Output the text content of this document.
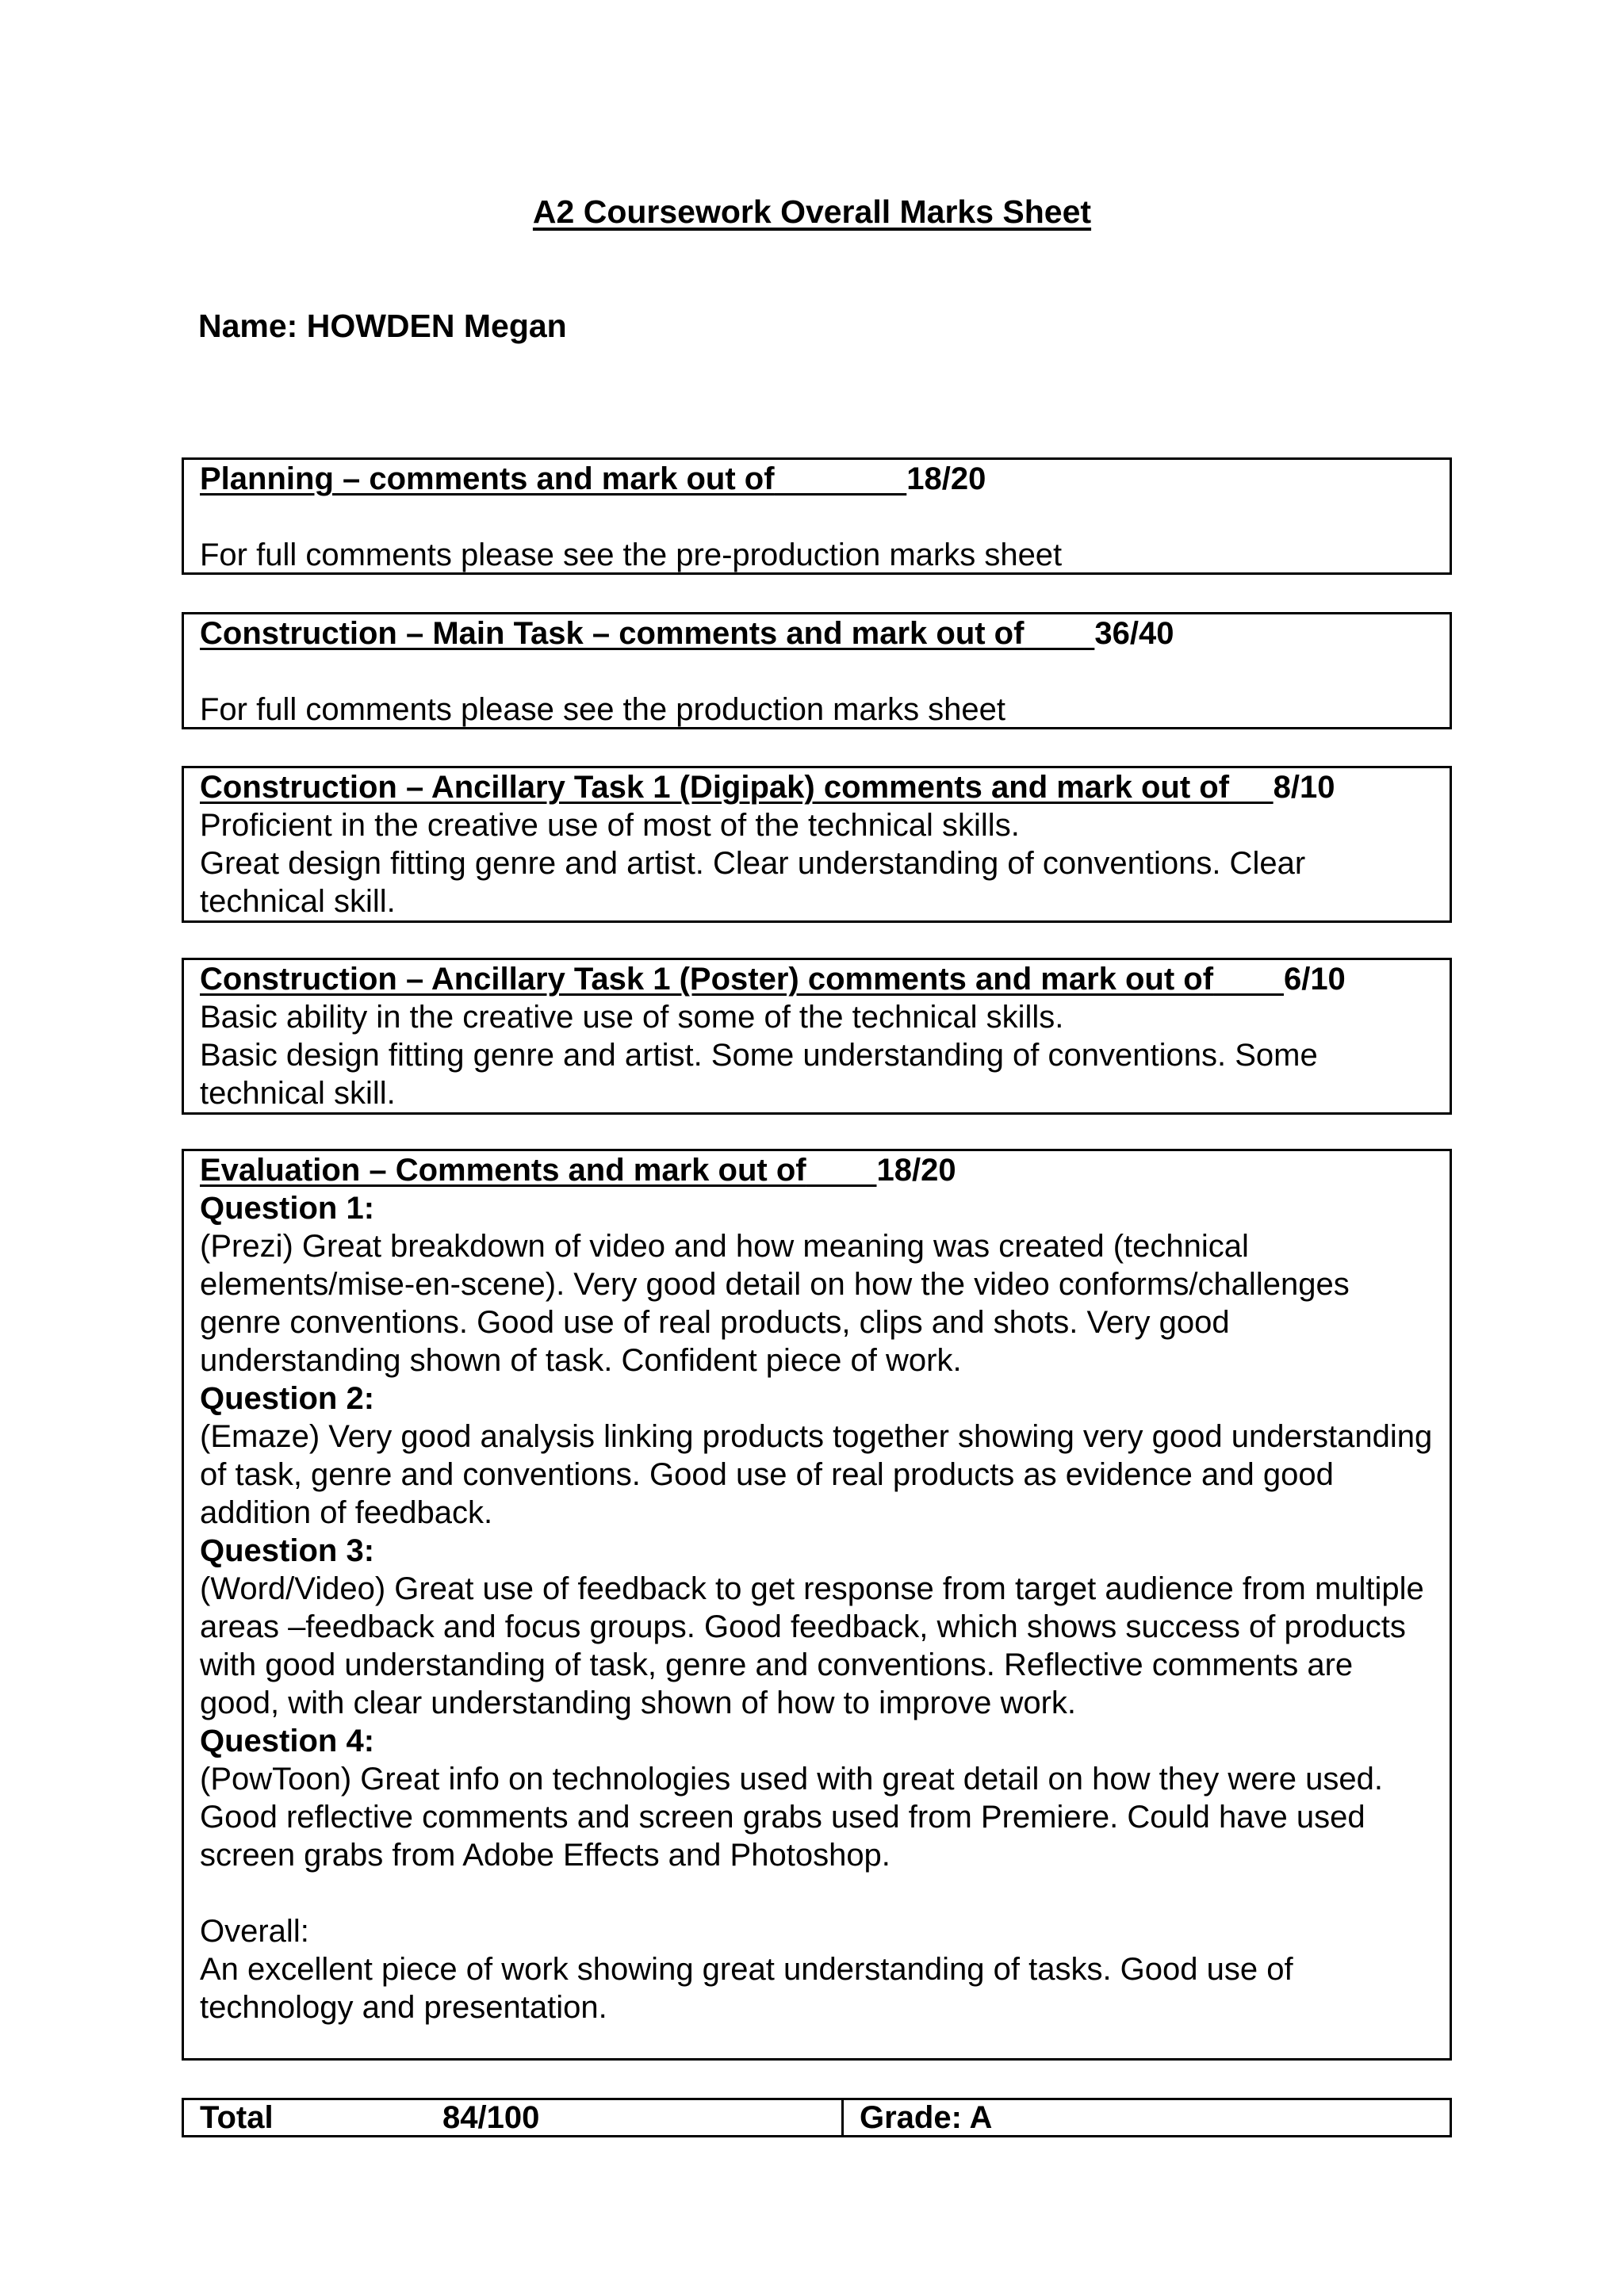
A2 Coursework Overall Marks Sheet
Name: HOWDEN Megan
Planning – comments and mark out of	18/20

For full comments please see the pre-production marks sheet

Construction – Main Task – comments and mark out of 36/40

For full comments please see the production marks sheet

Construction – Ancillary Task 1 (Digipak) comments and mark out of 8/10

Proficient in the creative use of most of the technical skills.

Great design fitting genre and artist. Clear understanding of conventions. Clear technical skill.

Construction – Ancillary Task 1 (Poster) comments and mark out of 6/10

Basic ability in the creative use of some of the technical skills.

Basic design fitting genre and artist. Some understanding of conventions. Some technical skill.

Evaluation – Comments and mark out of 18/20

Question 1:

(Prezi) Great breakdown of video and how meaning was created (technical elements/mise-en-scene). Very good detail on how the video conforms/challenges genre conventions. Good use of real products, clips and shots. Very good understanding shown of task. Confident piece of work.

Question 2:

(Emaze) Very good analysis linking products together showing very good understanding of task, genre and conventions. Good use of real products as evidence and good addition of feedback.

Question 3:

(Word/Video) Great use of feedback to get response from target audience from multiple areas –feedback and focus groups. Good feedback, which shows success of products with good understanding of task, genre and conventions. Reflective comments are good, with clear understanding shown of how to improve work.

Question 4:

(PowToon) Great info on technologies used with great detail on how they were used. Good reflective comments and screen grabs used from Premiere. Could have used screen grabs from Adobe Effects and Photoshop.

Overall:

An excellent piece of work showing great understanding of tasks. Good use of technology and presentation.

Total	84/100	Grade: A
